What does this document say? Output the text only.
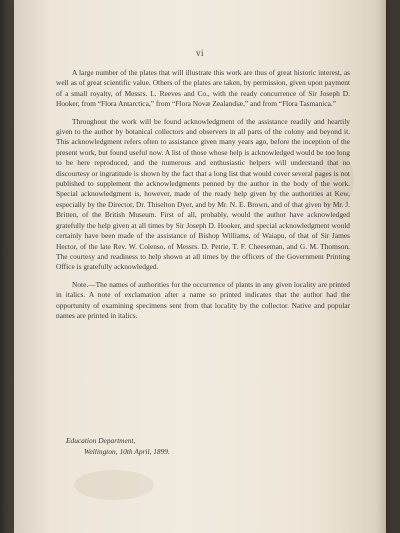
vi

A large number of the plates that will illustrate this work are thus of great historic interest, as well as of great scientific value. Others of the plates are taken, by permission, given upon payment of a small royalty, of Messrs. L. Reeves and Co., with the ready concurrence of Sir Joseph D. Hooker, from “Flora Antarctica,” from “Flora Novæ Zealandiæ,” and from “Flora Tasmanica.”

Throughout the work will be found acknowledgment of the assistance readily and heartily given to the author by botanical collectors and observers in all parts of the colony and beyond it. This acknowledgment refers often to assistance given many years ago, before the inception of the present work, but found useful now. A list of those whose help is acknowledged would be too long to be here reproduced, and the numerous and enthusiastic helpers will understand that no discourtesy or ingratitude is shown by the fact that a long list that would cover several pages is not published to supplement the acknowledgments penned by the author in the body of the work. Special acknowledgment is, however, made of the ready help given by the authorities at Kew, especially by the Director, Dr. Thiselton Dyer, and by Mr. N. E. Brown, and of that given by Mr. J. Britten, of the British Museum. First of all, probably, would the author have acknowledged gratefully the help given at all times by Sir Joseph D. Hooker, and special acknowledgment would certainly have been made of the assistance of Bishop Williams, of Waiapu, of that of Sir James Hector, of the late Rev. W. Colenso, of Messrs. D. Petrie, T. F. Cheeseman, and G. M. Thomson. The courtesy and readiness to help shown at all times by the officers of the Government Printing Office is gratefully acknowledged.

Note.—The names of authorities for the occurrence of plants in any given locality are printed in italics. A note of exclamation after a name so printed indicates that the author had the opportunity of examining specimens sent from that locality by the collector. Native and popular names are printed in italics.

Education Department,
Wellington, 10th April, 1899.
